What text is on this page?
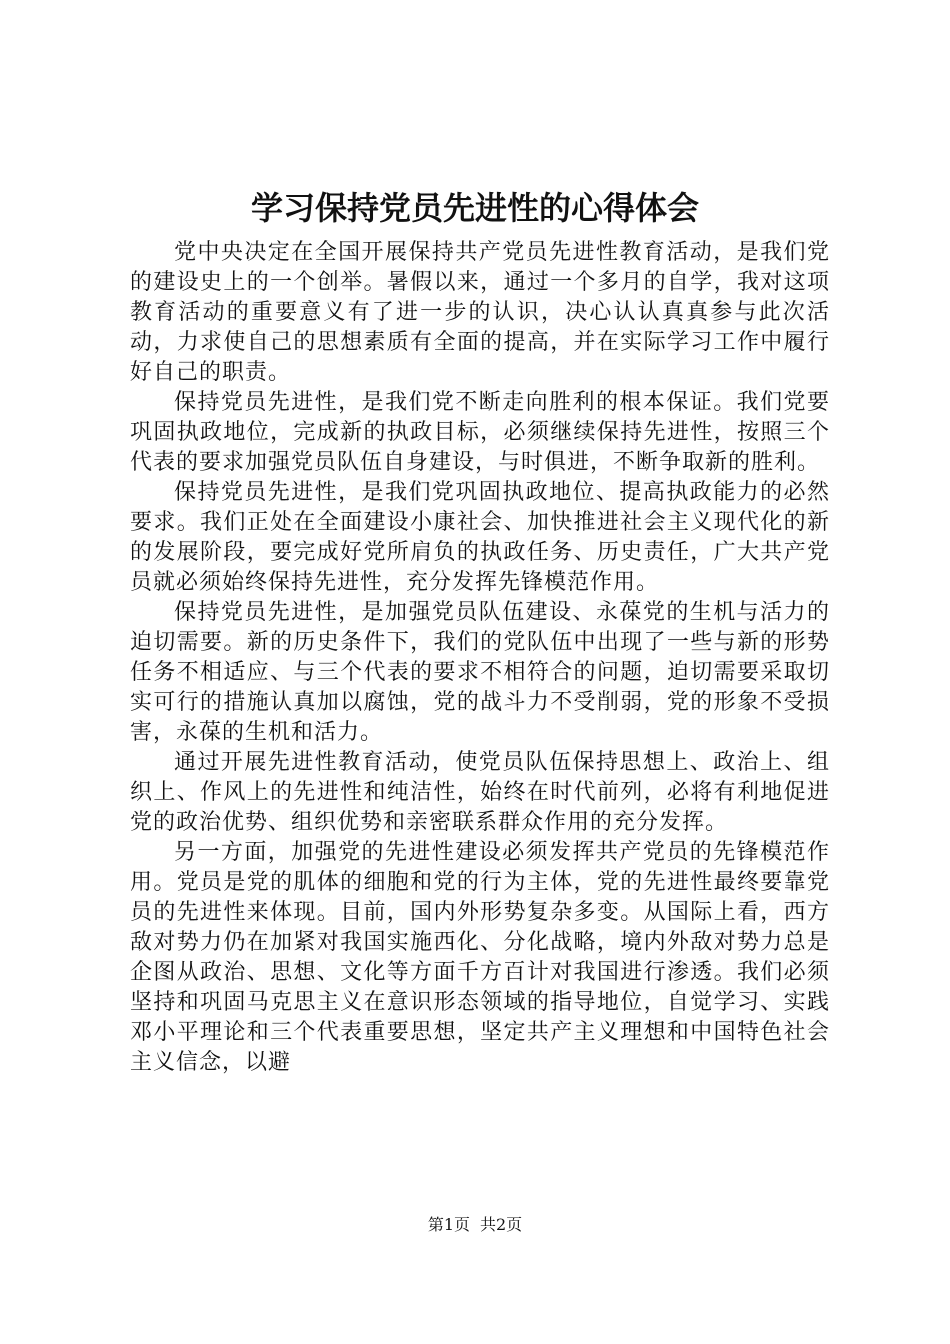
学习保持党员先进性的心得体会

党中央决定在全国开展保持共产党员先进性教育活动，是我们党的建设史上的一个创举。暑假以来，通过一个多月的自学，我对这项教育活动的重要意义有了进一步的认识，决心认认真真参与此次活动，力求使自己的思想素质有全面的提高，并在实际学习工作中履行好自己的职责。

保持党员先进性，是我们党不断走向胜利的根本保证。我们党要巩固执政地位，完成新的执政目标，必须继续保持先进性，按照三个代表的要求加强党员队伍自身建设，与时俱进，不断争取新的胜利。

保持党员先进性，是我们党巩固执政地位、提高执政能力的必然要求。我们正处在全面建设小康社会、加快推进社会主义现代化的新的发展阶段，要完成好党所肩负的执政任务、历史责任，广大共产党员就必须始终保持先进性，充分发挥先锋模范作用。

保持党员先进性，是加强党员队伍建设、永葆党的生机与活力的迫切需要。新的历史条件下，我们的党队伍中出现了一些与新的形势任务不相适应、与三个代表的要求不相符合的问题，迫切需要采取切实可行的措施认真加以腐蚀，党的战斗力不受削弱，党的形象不受损害，永葆的生机和活力。

通过开展先进性教育活动，使党员队伍保持思想上、政治上、组织上、作风上的先进性和纯洁性，始终在时代前列，必将有利地促进党的政治优势、组织优势和亲密联系群众作用的充分发挥。

另一方面，加强党的先进性建设必须发挥共产党员的先锋模范作用。党员是党的肌体的细胞和党的行为主体，党的先进性最终要靠党员的先进性来体现。目前，国内外形势复杂多变。从国际上看，西方敌对势力仍在加紧对我国实施西化、分化战略，境内外敌对势力总是企图从政治、思想、文化等方面千方百计对我国进行渗透。我们必须坚持和巩固马克思主义在意识形态领域的指导地位，自觉学习、实践邓小平理论和三个代表重要思想，坚定共产主义理想和中国特色社会主义信念，以避

第1页 共2页
